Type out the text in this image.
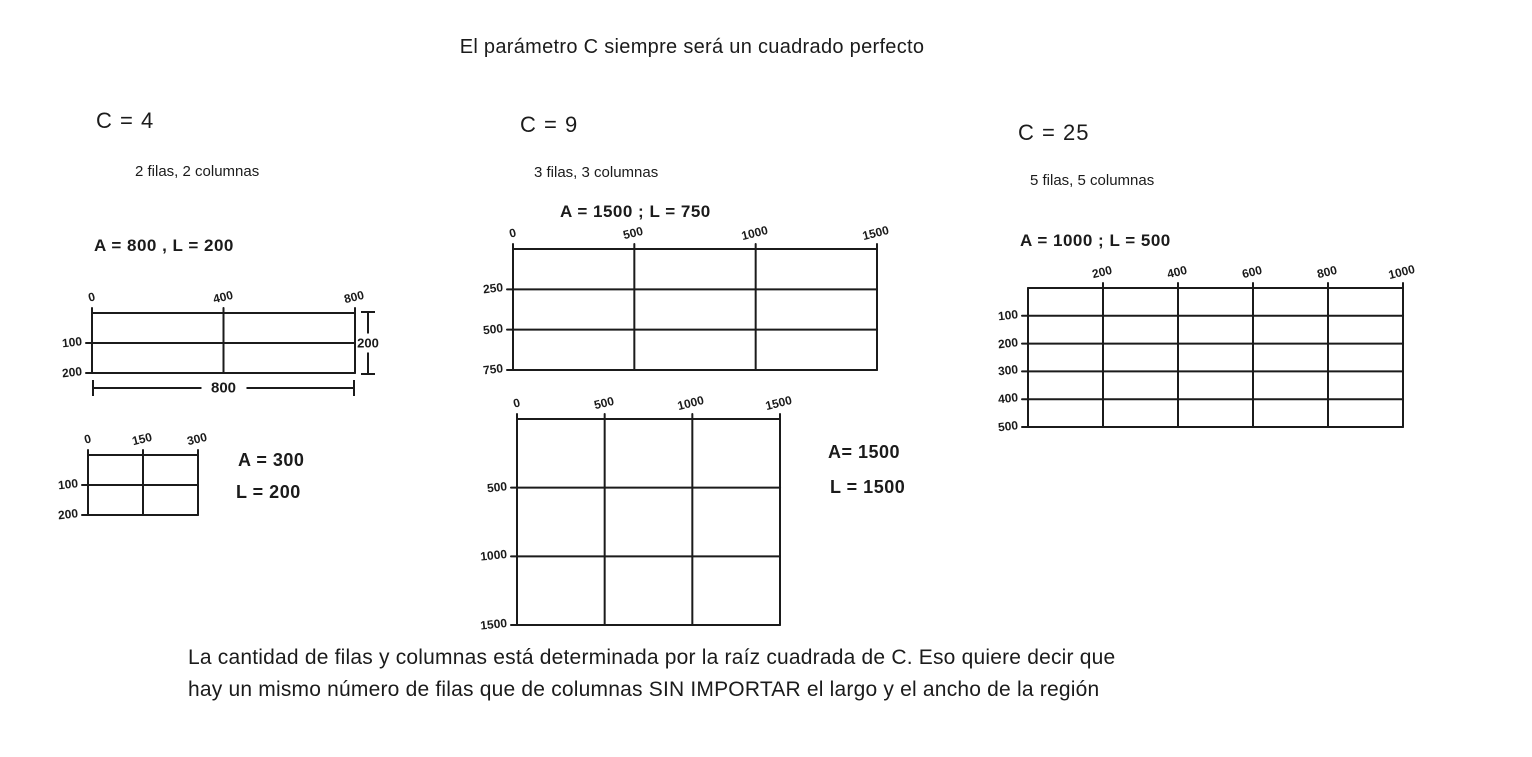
El parámetro C siempre será un cuadrado perfecto
C = 4
2 filas, 2 columnas
A = 800 , L = 200
0	400	800
100
200
200
800
0	150	300
100
200
A = 300
L = 200
C = 9
3 filas, 3 columnas
A = 1500 ; L = 750
0	500	1000	1500
250
500
750
0	500	1000	1500
500
1000
1500
A= 1500
L = 1500
C = 25
5 filas, 5 columnas
A = 1000 ; L = 500
200	400	600	800	1000
100
200
300
400
500
La cantidad de filas y columnas está determinada por la raíz cuadrada de C. Eso quiere decir que
hay un mismo número de filas que de columnas SIN IMPORTAR el largo y el ancho de la región
